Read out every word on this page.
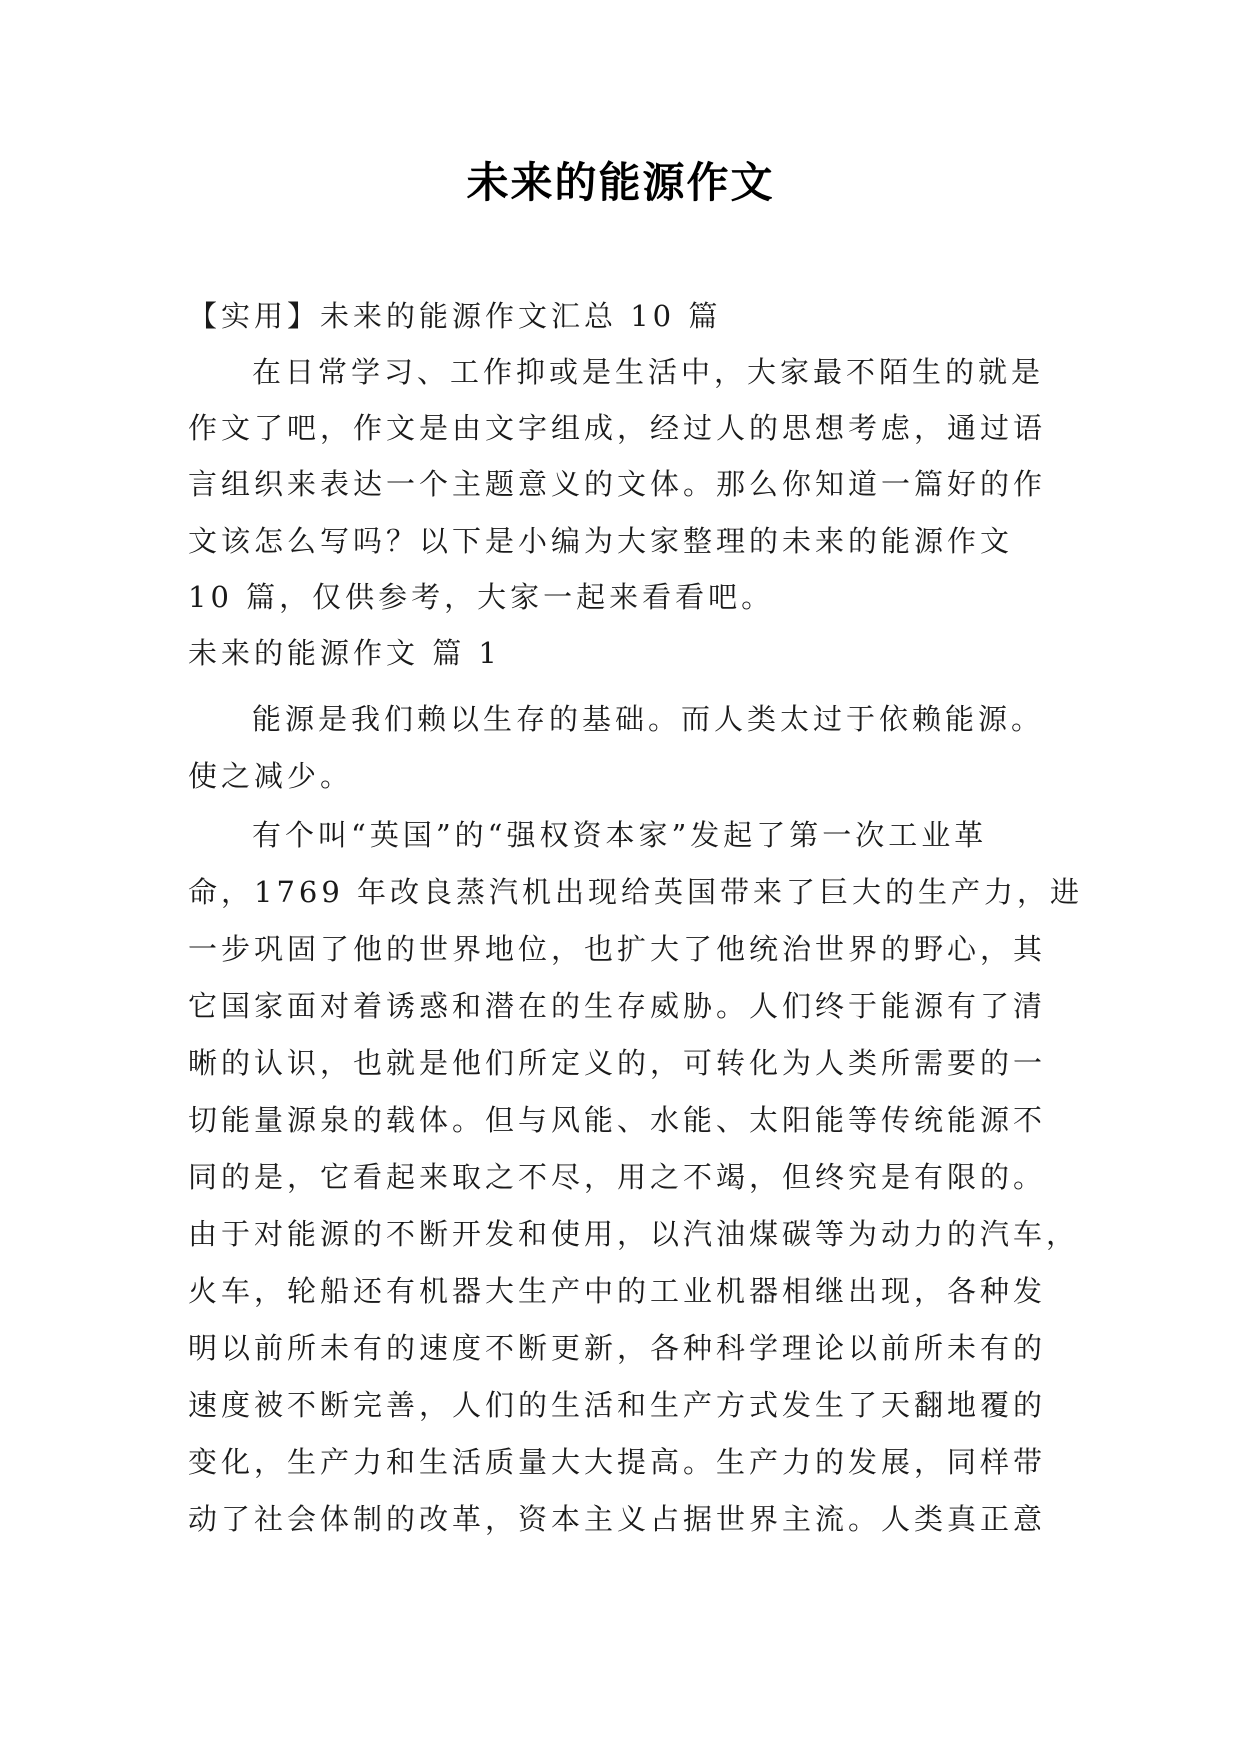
未来的能源作文

【实用】未来的能源作文汇总 10 篇

在日常学习、工作抑或是生活中，大家最不陌生的就是

作文了吧，作文是由文字组成，经过人的思想考虑，通过语

言组织来表达一个主题意义的文体。那么你知道一篇好的作

文该怎么写吗？以下是小编为大家整理的未来的能源作文

10 篇，仅供参考，大家一起来看看吧。

未来的能源作文 篇 1

能源是我们赖以生存的基础。而人类太过于依赖能源。

使之减少。

有个叫“英国”的“强权资本家”发起了第一次工业革

命，1769 年改良蒸汽机出现给英国带来了巨大的生产力，进

一步巩固了他的世界地位，也扩大了他统治世界的野心，其

它国家面对着诱惑和潜在的生存威胁。人们终于能源有了清

晰的认识，也就是他们所定义的，可转化为人类所需要的一

切能量源泉的载体。但与风能、水能、太阳能等传统能源不

同的是，它看起来取之不尽，用之不竭，但终究是有限的。

由于对能源的不断开发和使用，以汽油煤碳等为动力的汽车，

火车，轮船还有机器大生产中的工业机器相继出现，各种发

明以前所未有的速度不断更新，各种科学理论以前所未有的

速度被不断完善，人们的生活和生产方式发生了天翻地覆的

变化，生产力和生活质量大大提高。生产力的发展，同样带

动了社会体制的改革，资本主义占据世界主流。人类真正意
